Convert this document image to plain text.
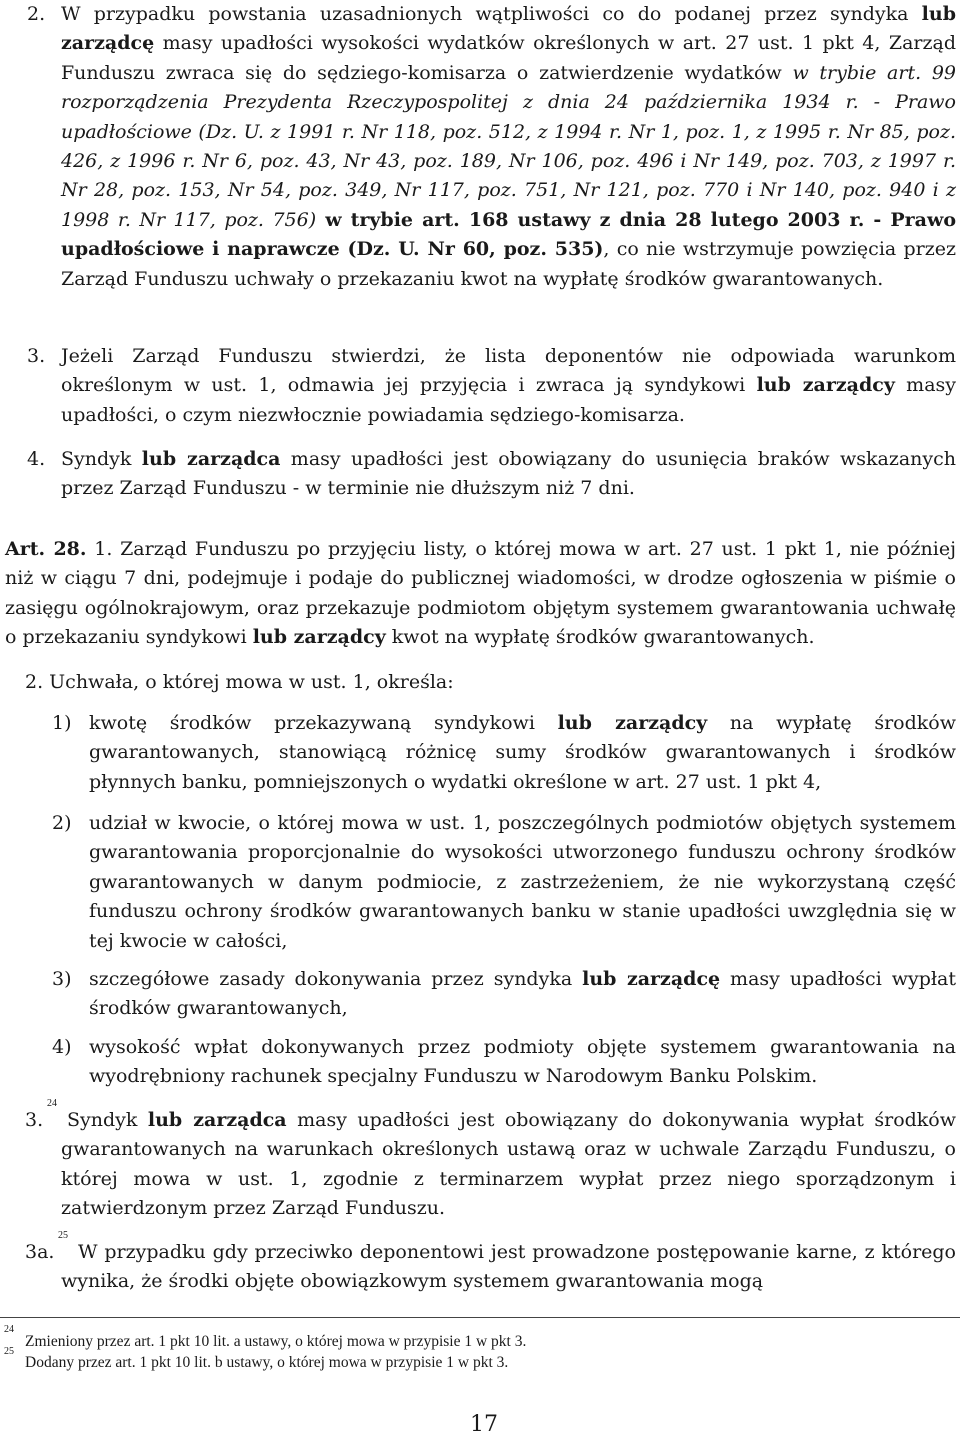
2. W przypadku powstania uzasadnionych wątpliwości co do podanej przez syndyka lub zarządcę masy upadłości wysokości wydatków określonych w art. 27 ust. 1 pkt 4, Zarząd Funduszu zwraca się do sędziego-komisarza o zatwierdzenie wydatków w trybie art. 99 rozporządzenia Prezydenta Rzeczypospolitej z dnia 24 października 1934 r. - Prawo upadłościowe (Dz. U. z 1991 r. Nr 118, poz. 512, z 1994 r. Nr 1, poz. 1, z 1995 r. Nr 85, poz. 426, z 1996 r. Nr 6, poz. 43, Nr 43, poz. 189, Nr 106, poz. 496 i Nr 149, poz. 703, z 1997 r. Nr 28, poz. 153, Nr 54, poz. 349, Nr 117, poz. 751, Nr 121, poz. 770 i Nr 140, poz. 940 i z 1998 r. Nr 117, poz. 756) w trybie art. 168 ustawy z dnia 28 lutego 2003 r. - Prawo upadłościowe i naprawcze (Dz. U. Nr 60, poz. 535), co nie wstrzymuje powzięcia przez Zarząd Funduszu uchwały o przekazaniu kwot na wypłatę środków gwarantowanych.
3. Jeżeli Zarząd Funduszu stwierdzi, że lista deponentów nie odpowiada warunkom określonym w ust. 1, odmawia jej przyjęcia i zwraca ją syndykowi lub zarządcy masy upadłości, o czym niezwłocznie powiadamia sędziego-komisarza.
4. Syndyk lub zarządca masy upadłości jest obowiązany do usunięcia braków wskazanych przez Zarząd Funduszu - w terminie nie dłuższym niż 7 dni.
Art. 28. 1. Zarząd Funduszu po przyjęciu listy, o której mowa w art. 27 ust. 1 pkt 1, nie później niż w ciągu 7 dni, podejmuje i podaje do publicznej wiadomości, w drodze ogłoszenia w piśmie o zasięgu ogólnokrajowym, oraz przekazuje podmiotom objętym systemem gwarantowania uchwałę o przekazaniu syndykowi lub zarządcy kwot na wypłatę środków gwarantowanych.
2. Uchwała, o której mowa w ust. 1, określa:
1) kwotę środków przekazywaną syndykowi lub zarządcy na wypłatę środków gwarantowanych, stanowiącą różnicę sumy środków gwarantowanych i środków płynnych banku, pomniejszonych o wydatki określone w art. 27 ust. 1 pkt 4,
2) udział w kwocie, o której mowa w ust. 1, poszczególnych podmiotów objętych systemem gwarantowania proporcjonalnie do wysokości utworzonego funduszu ochrony środków gwarantowanych w danym podmiocie, z zastrzeżeniem, że nie wykorzystaną część funduszu ochrony środków gwarantowanych banku w stanie upadłości uwzględnia się w tej kwocie w całości,
3) szczegółowe zasady dokonywania przez syndyka lub zarządcę masy upadłości wypłat środków gwarantowanych,
4) wysokość wpłat dokonywanych przez podmioty objęte systemem gwarantowania na wyodrębniony rachunek specjalny Funduszu w Narodowym Banku Polskim.
3.
24
Syndyk lub zarządca masy upadłości jest obowiązany do dokonywania wypłat środków gwarantowanych na warunkach określonych ustawą oraz w uchwale Zarządu Funduszu, o której mowa w ust. 1, zgodnie z terminarzem wypłat przez niego sporządzonym i zatwierdzonym przez Zarząd Funduszu.
3a.
25
W przypadku gdy przeciwko deponentowi jest prowadzone postępowanie karne, z którego wynika, że środki objęte obowiązkowym systemem gwarantowania mogą
24
Zmieniony przez art. 1 pkt 10 lit. a ustawy, o której mowa w przypisie 1 w pkt 3.
25
Dodany przez art. 1 pkt 10 lit. b ustawy, o której mowa w przypisie 1 w pkt 3.
17
